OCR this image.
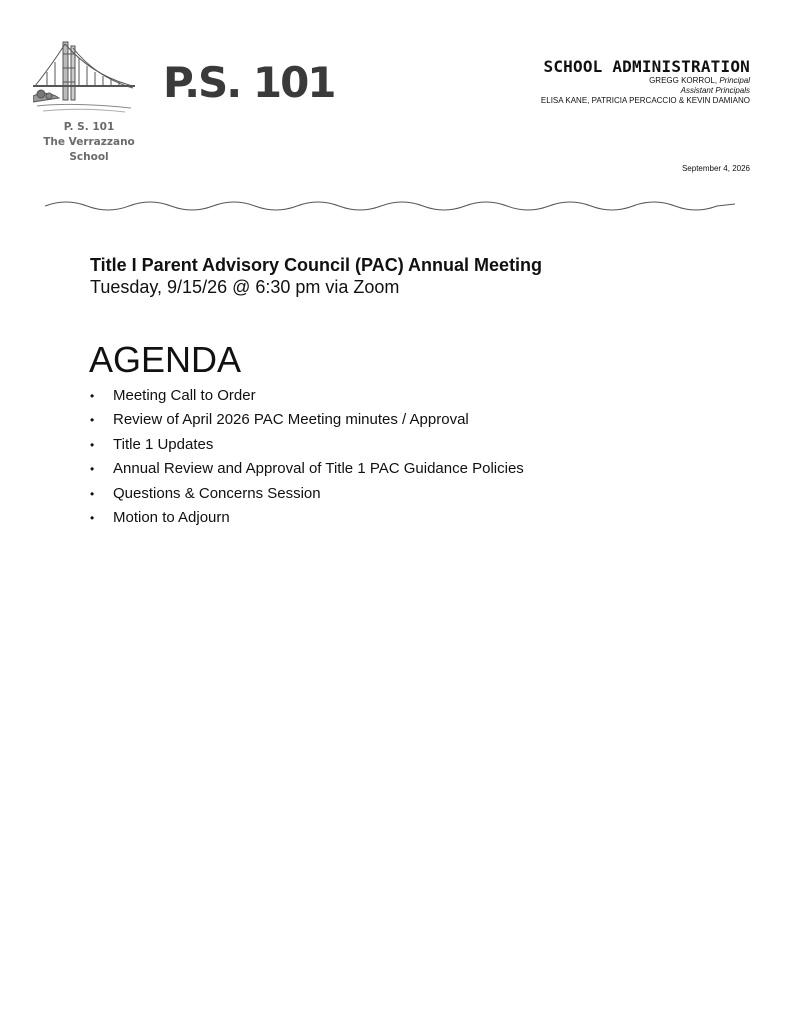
P. S. 101
The Verrazzano School
P.S. 101	SCHOOL ADMINISTRATION
GREGG KORROL, Principal
Assistant Principals
ELISA KANE, PATRICIA PERCACCIO & KEVIN DAMIANO
September 4, 2026
Title I Parent Advisory Council (PAC) Annual Meeting
Tuesday, 9/15/26 @ 6:30 pm via Zoom
AGENDA
• Meeting Call to Order
• Review of April 2026 PAC Meeting minutes / Approval
• Title 1 Updates
• Annual Review and Approval of Title 1 PAC Guidance Policies
• Questions & Concerns Session
• Motion to Adjourn
